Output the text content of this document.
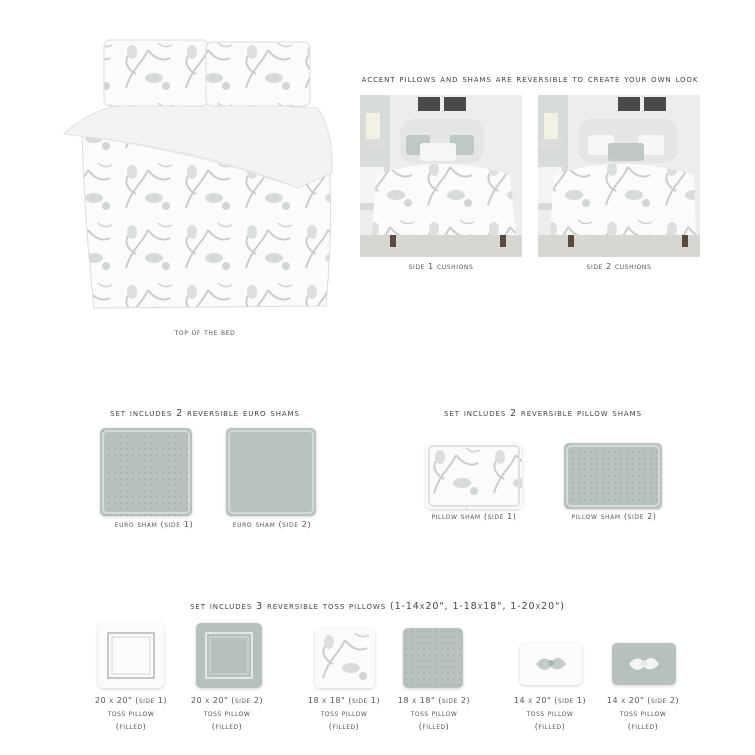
top of the bed
accent pillows and shams are reversible to create your own look
side 1 cushions	side 2 cushions
set includes 2 reversible euro shams
euro sham (side 1)	euro sham (side 2)
set includes 2 reversible pillow shams
pillow sham (side 1)	pillow sham (side 2)
set includes 3 reversible toss pillows (1-14x20", 1-18x18", 1-20x20")
20 x 20" (side 1)
toss pillow
(filled)
20 x 20" (side 2)
toss pillow
(filled)
18 x 18" (side 1)
toss pillow
(filled)
18 x 18" (side 2)
toss pillow
(filled)
14 x 20" (side 1)
toss pillow
(filled)
14 x 20" (side 2)
toss pillow
(filled)
